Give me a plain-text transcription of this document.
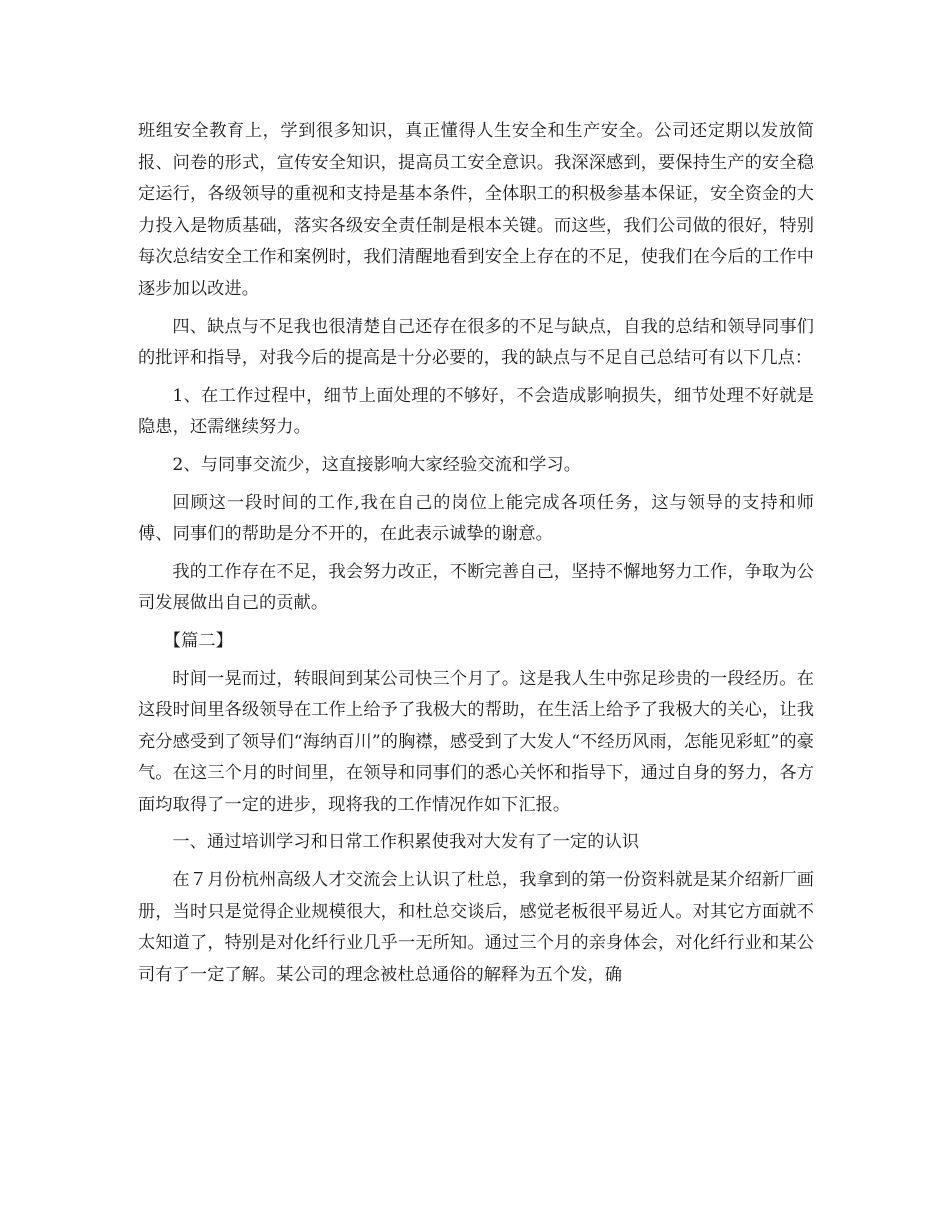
班组安全教育上，学到很多知识，真正懂得人生安全和生产安全。公司还定期以发放简报、问卷的形式，宣传安全知识，提高员工安全意识。我深深感到，要保持生产的安全稳定运行，各级领导的重视和支持是基本条件，全体职工的积极参基本保证，安全资金的大力投入是物质基础，落实各级安全责任制是根本关键。而这些，我们公司做的很好，特别每次总结安全工作和案例时，我们清醒地看到安全上存在的不足，使我们在今后的工作中逐步加以改进。

四、缺点与不足我也很清楚自己还存在很多的不足与缺点，自我的总结和领导同事们的批评和指导，对我今后的提高是十分必要的，我的缺点与不足自己总结可有以下几点：

1、在工作过程中，细节上面处理的不够好，不会造成影响损失，细节处理不好就是隐患，还需继续努力。

2、与同事交流少，这直接影响大家经验交流和学习。

回顾这一段时间的工作,我在自己的岗位上能完成各项任务，这与领导的支持和师傅、同事们的帮助是分不开的，在此表示诚挚的谢意。

我的工作存在不足，我会努力改正，不断完善自己，坚持不懈地努力工作，争取为公司发展做出自己的贡献。

【篇二】

时间一晃而过，转眼间到某公司快三个月了。这是我人生中弥足珍贵的一段经历。在这段时间里各级领导在工作上给予了我极大的帮助，在生活上给予了我极大的关心，让我充分感受到了领导们“海纳百川”的胸襟，感受到了大发人“不经历风雨，怎能见彩虹”的豪气。在这三个月的时间里，在领导和同事们的悉心关怀和指导下，通过自身的努力，各方面均取得了一定的进步，现将我的工作情况作如下汇报。

一、通过培训学习和日常工作积累使我对大发有了一定的认识

在７月份杭州高级人才交流会上认识了杜总，我拿到的第一份资料就是某介绍新厂画册，当时只是觉得企业规模很大，和杜总交谈后，感觉老板很平易近人。对其它方面就不太知道了，特别是对化纤行业几乎一无所知。通过三个月的亲身体会，对化纤行业和某公司有了一定了解。某公司的理念被杜总通俗的解释为五个发，确
